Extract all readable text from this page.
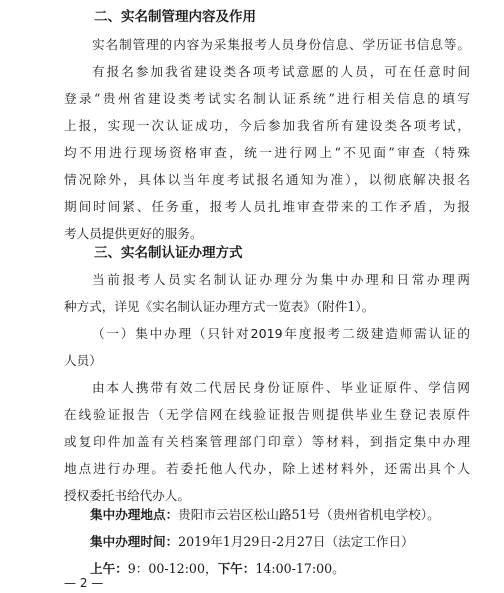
二、实名制管理内容及作用
实名制管理的内容为采集报考人员身份信息、学历证书信息等。
有报名参加我省建设类各项考试意愿的人员，可在任意时间
登录“贵州省建设类考试实名制认证系统”进行相关信息的填写
上报，实现一次认证成功，今后参加我省所有建设类各项考试，
均不用进行现场资格审查，统一进行网上“不见面”审查（特殊
情况除外，具体以当年度考试报名通知为准），以彻底解决报名
期间时间紧、任务重，报考人员扎堆审查带来的工作矛盾，为报
考人员提供更好的服务。
三、实名制认证办理方式
当前报考人员实名制认证办理分为集中办理和日常办理两
种方式，详见《实名制认证办理方式一览表》（附件1）。
（一）集中办理（只针对2019年度报考二级建造师需认证的
人员）
由本人携带有效二代居民身份证原件、毕业证原件、学信网
在线验证报告（无学信网在线验证报告则提供毕业生登记表原件
或复印件加盖有关档案管理部门印章）等材料，到指定集中办理
地点进行办理。若委托他人代办，除上述材料外，还需出具个人
授权委托书给代办人。
集中办理地点：贵阳市云岩区松山路51号（贵州省机电学校）。
集中办理时间：2019年1月29日-2月27日（法定工作日）
上午：9：00-12:00，下午：14:00-17:00。
— 2 —
